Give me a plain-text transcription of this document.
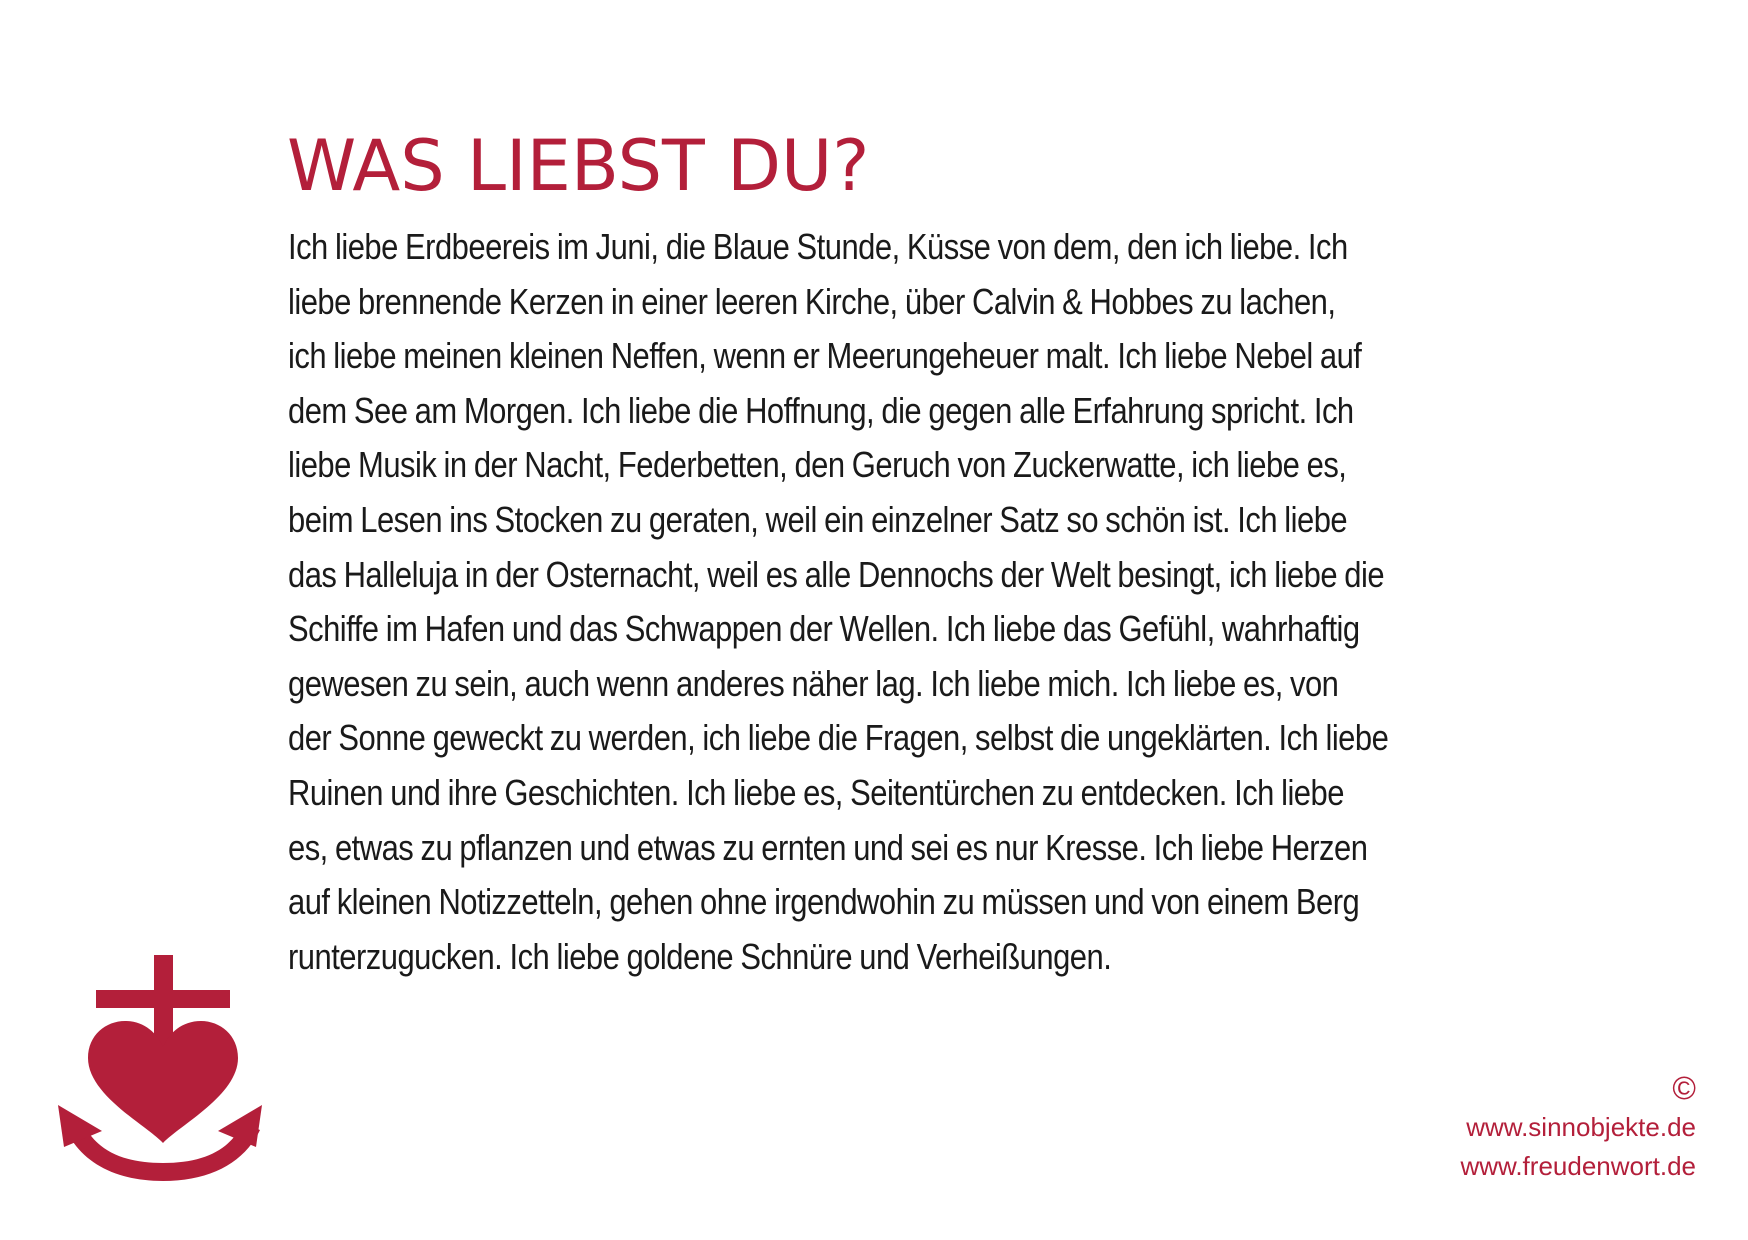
WAS LIEBST DU?
Ich liebe Erdbeereis im Juni, die Blaue Stunde, Küsse von dem, den ich liebe. Ich
liebe brennende Kerzen in einer leeren Kirche, über Calvin & Hobbes zu lachen,
ich liebe meinen kleinen Neffen, wenn er Meerungeheuer malt. Ich liebe Nebel auf
dem See am Morgen. Ich liebe die Hoffnung, die gegen alle Erfahrung spricht. Ich
liebe Musik in der Nacht, Federbetten, den Geruch von Zuckerwatte, ich liebe es,
beim Lesen ins Stocken zu geraten, weil ein einzelner Satz so schön ist. Ich liebe
das Halleluja in der Osternacht, weil es alle Dennochs der Welt besingt, ich liebe die
Schiffe im Hafen und das Schwappen der Wellen. Ich liebe das Gefühl, wahrhaftig
gewesen zu sein, auch wenn anderes näher lag. Ich liebe mich. Ich liebe es, von
der Sonne geweckt zu werden, ich liebe die Fragen, selbst die ungeklärten. Ich liebe
Ruinen und ihre Geschichten. Ich liebe es, Seitentürchen zu entdecken. Ich liebe
es, etwas zu pflanzen und etwas zu ernten und sei es nur Kresse. Ich liebe Herzen
auf kleinen Notizzetteln, gehen ohne irgendwohin zu müssen und von einem Berg
runterzugucken. Ich liebe goldene Schnüre und Verheißungen.
©
www.sinnobjekte.de
www.freudenwort.de
